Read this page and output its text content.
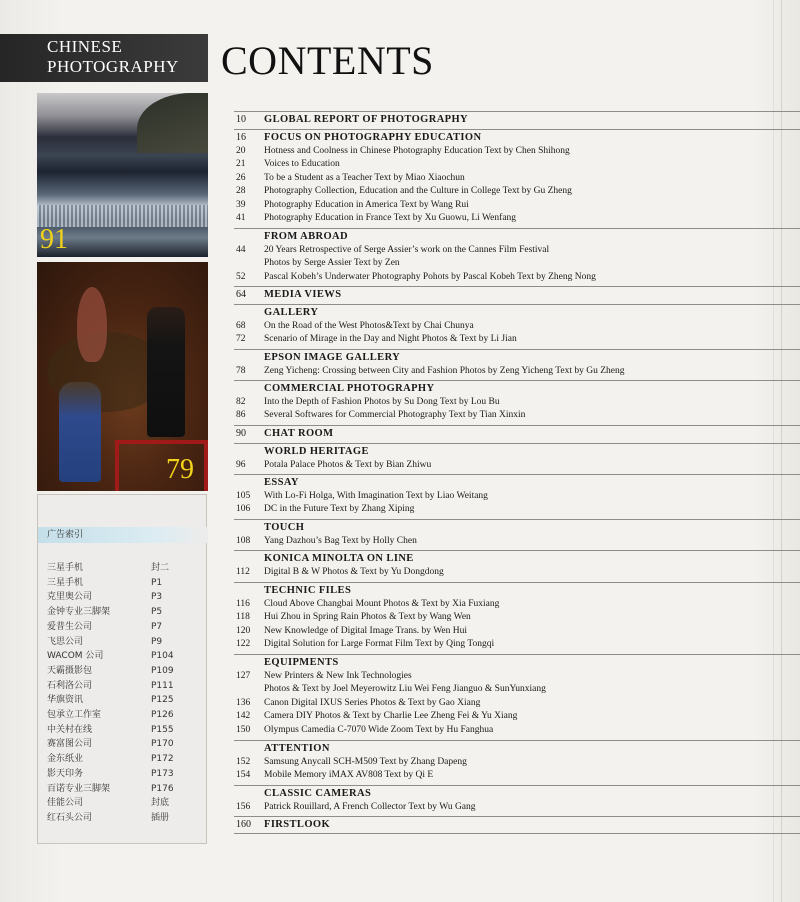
CHINESE
PHOTOGRAPHY CONTENTS
91
79
广告索引
三星手机	封二
三星手机	P1
克里奥公司	P3
金钟专业三脚架	P5
爱普生公司	P7
飞思公司	P9
WACOM 公司	P104
天霸摄影包	P109
石利洛公司	P111
华旗资讯	P125
包承立工作室	P126
中关村在线	P155
赛富图公司	P170
金东纸业	P172
影天印务	P173
百诺专业三脚架	P176
佳能公司	封底
红石头公司	插册
10 GLOBAL REPORT OF PHOTOGRAPHY
16 FOCUS ON PHOTOGRAPHY EDUCATION
20 Hotness and Coolness in Chinese Photography Education Text by Chen Shihong
21 Voices to Education
26 To be a Student as a Teacher Text by Miao Xiaochun
28 Photography Collection, Education and the Culture in College Text by Gu Zheng
39 Photography Education in America Text by Wang Rui
41 Photography Education in France Text by Xu Guowu, Li Wenfang
FROM ABROAD
44 20 Years Retrospective of Serge Assier’s work on the Cannes Film Festival
Photos by Serge Assier Text by Zen
52 Pascal Kobeh’s Underwater Photography Pohots by Pascal Kobeh Text by Zheng Nong
64 MEDIA VIEWS
GALLERY
68 On the Road of the West Photos&Text by Chai Chunya
72 Scenario of Mirage in the Day and Night Photos & Text by Li Jian
EPSON IMAGE GALLERY
78 Zeng Yicheng: Crossing between City and Fashion Photos by Zeng Yicheng Text by Gu Zheng
COMMERCIAL PHOTOGRAPHY
82 Into the Depth of Fashion Photos by Su Dong Text by Lou Bu
86 Several Softwares for Commercial Photography Text by Tian Xinxin
90 CHAT ROOM
WORLD HERITAGE
96 Potala Palace Photos & Text by Bian Zhiwu
ESSAY
105 With Lo-Fi Holga, With Imagination Text by Liao Weitang
106 DC in the Future Text by Zhang Xiping
TOUCH
108 Yang Dazhou’s Bag Text by Holly Chen
KONICA MINOLTA ON LINE
112 Digital B & W Photos & Text by Yu Dongdong
TECHNIC FILES
116 Cloud Above Changbai Mount Photos & Text by Xia Fuxiang
118 Hui Zhou in Spring Rain Photos & Text by Wang Wen
120 New Knowledge of Digital Image Trans. by Wen Hui
122 Digital Solution for Large Format Film Text by Qing Tongqi
EQUIPMENTS
127 New Printers & New Ink Technologies
Photos & Text by Joel Meyerowitz Liu Wei Feng Jianguo & SunYunxiang
136 Canon Digital IXUS Series Photos & Text by Gao Xiang
142 Camera DIY Photos & Text by Charlie Lee Zheng Fei & Yu Xiang
150 Olympus Camedia C-7070 Wide Zoom Text by Hu Fanghua
ATTENTION
152 Samsung Anycall SCH-M509 Text by Zhang Dapeng
154 Mobile Memory iMAX AV808 Text by Qi E
CLASSIC CAMERAS
156 Patrick Rouillard, A French Collector Text by Wu Gang
160 FIRSTLOOK
